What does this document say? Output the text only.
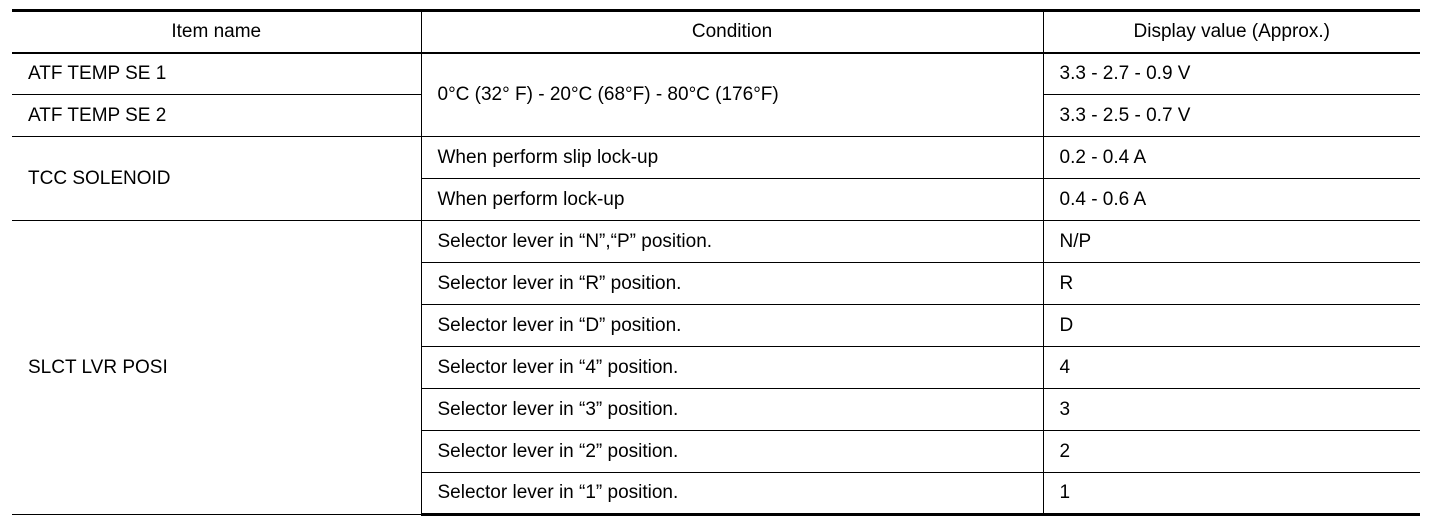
Item name	Condition	Display value (Approx.)
ATF TEMP SE 1	0°C (32° F) - 20°C (68°F) - 80°C (176°F)	3.3 - 2.7 - 0.9 V
ATF TEMP SE 2		3.3 - 2.5 - 0.7 V
TCC SOLENOID	When perform slip lock-up	0.2 - 0.4 A
	When perform lock-up	0.4 - 0.6 A
SLCT LVR POSI	Selector lever in “N”,“P” position.	N/P
	Selector lever in “R” position.	R
	Selector lever in “D” position.	D
	Selector lever in “4” position.	4
	Selector lever in “3” position.	3
	Selector lever in “2” position.	2
	Selector lever in “1” position.	1
